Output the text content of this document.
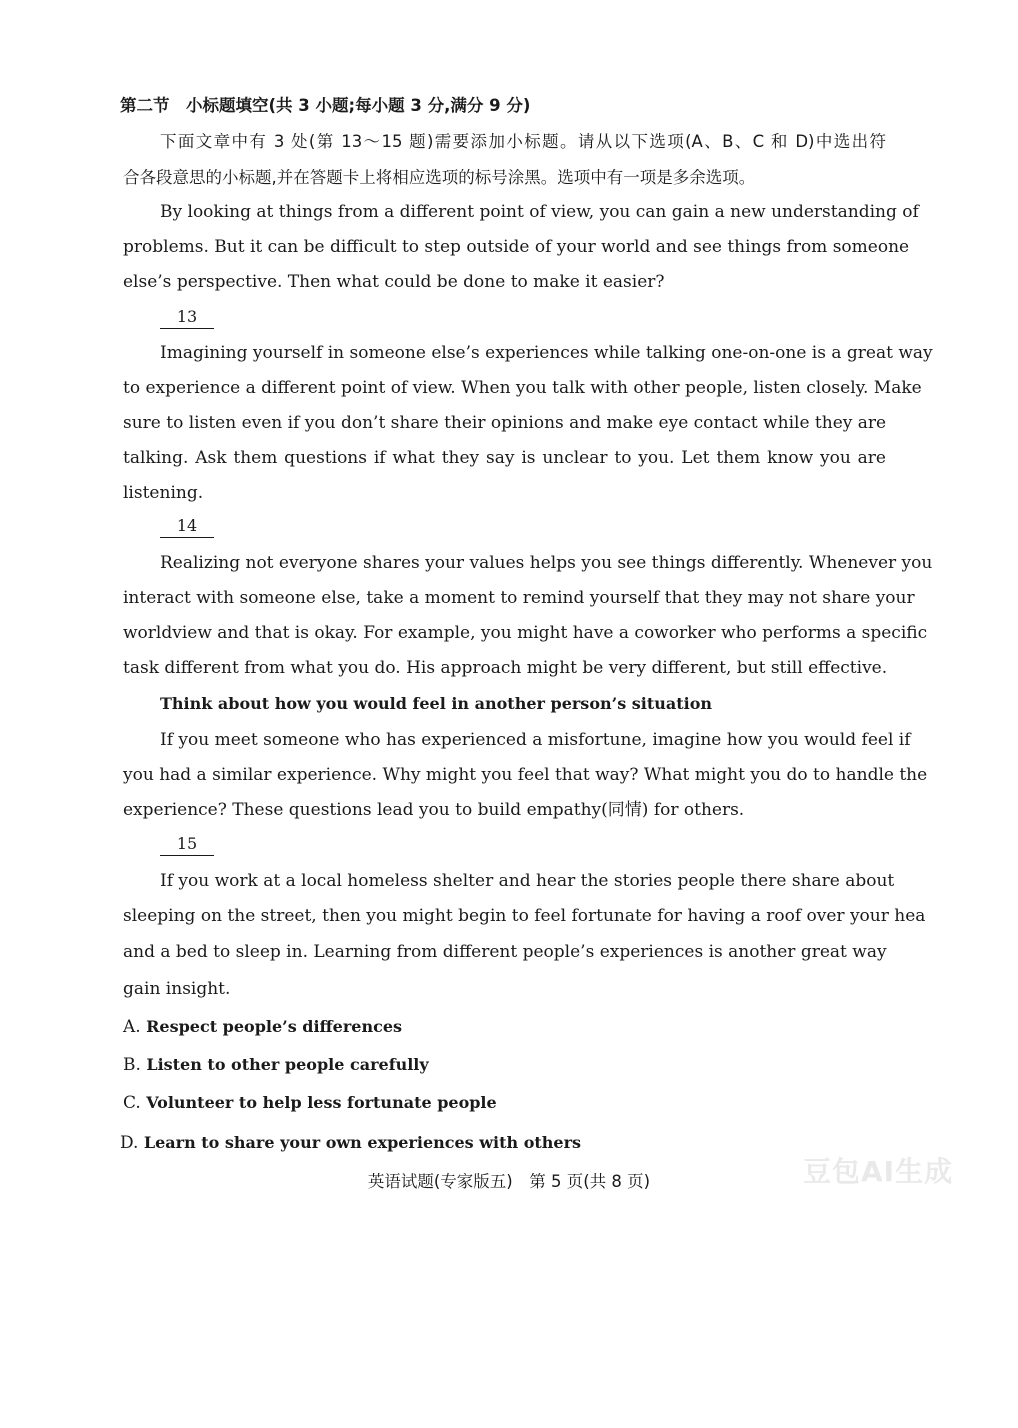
第二节　小标题填空(共 3 小题;每小题 3 分,满分 9 分)
下面文章中有 3 处(第 13～15 题)需要添加小标题。请从以下选项(A、B、C 和 D)中选出符
合各段意思的小标题,并在答题卡上将相应选项的标号涂黑。选项中有一项是多余选项。
By looking at things from a different point of view, you can gain a new understanding of
problems. But it can be difficult to step outside of your world and see things from someone
else’s perspective. Then what could be done to make it easier?
13
Imagining yourself in someone else’s experiences while talking one-on-one is a great way
to experience a different point of view. When you talk with other people, listen closely. Make
sure to listen even if you don’t share their opinions and make eye contact while they are
talking. Ask them questions if what they say is unclear to you. Let them know you are
listening.
14
Realizing not everyone shares your values helps you see things differently. Whenever you
interact with someone else, take a moment to remind yourself that they may not share your
worldview and that is okay. For example, you might have a coworker who performs a specific
task different from what you do. His approach might be very different, but still effective.
Think about how you would feel in another person’s situation
If you meet someone who has experienced a misfortune, imagine how you would feel if
you had a similar experience. Why might you feel that way? What might you do to handle the
experience? These questions lead you to build empathy(同情) for others.
15
If you work at a local homeless shelter and hear the stories people there share about
sleeping on the street, then you might begin to feel fortunate for having a roof over your hea
and a bed to sleep in. Learning from different people’s experiences is another great way
gain insight.
A. Respect people’s differences
B. Listen to other people carefully
C. Volunteer to help less fortunate people
D. Learn to share your own experiences with others
豆包AI生成
英语试题(专家版五)　第 5 页(共 8 页)
